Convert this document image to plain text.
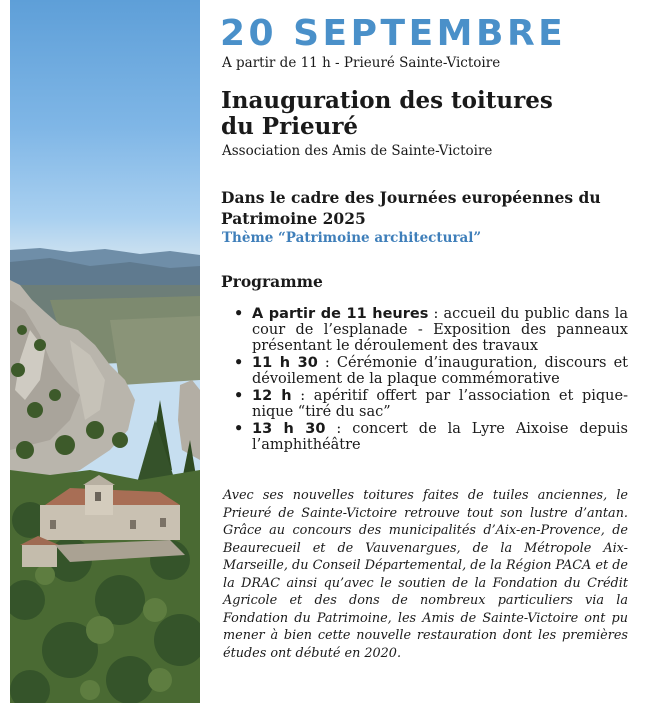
20 SEPTEMBRE
A partir de 11 h - Prieuré Sainte-Victoire
Inauguration des toitures du Prieuré
Association des Amis de Sainte-Victoire
Dans le cadre des Journées européennes du Patrimoine 2025
Thème “Patrimoine architectural”
Programme
• A partir de 11 heures : accueil du public dans la cour de l’esplanade - Exposition des panneaux présentant le déroulement des travaux
• 11 h 30 : Cérémonie d’inauguration, discours et dévoilement de la plaque commémorative
• 12 h : apéritif offert par l’association et pique-nique “tiré du sac”
• 13 h 30 : concert de la Lyre Aixoise depuis l’amphithéâtre

Avec ses nouvelles toitures faites de tuiles anciennes, le Prieuré de Sainte-Victoire retrouve tout son lustre d’antan. Grâce au concours des municipalités d’Aix-en-Provence, de Beaurecueil et de Vauvenargues, de la Métropole Aix-Marseille, du Conseil Départemental, de la Région PACA et de la DRAC ainsi qu’avec le soutien de la Fondation du Crédit Agricole et des dons de nombreux particuliers via la Fondation du Patrimoine, les Amis de Sainte-Victoire ont pu mener à bien cette nouvelle restauration dont les premières études ont débuté en 2020.
